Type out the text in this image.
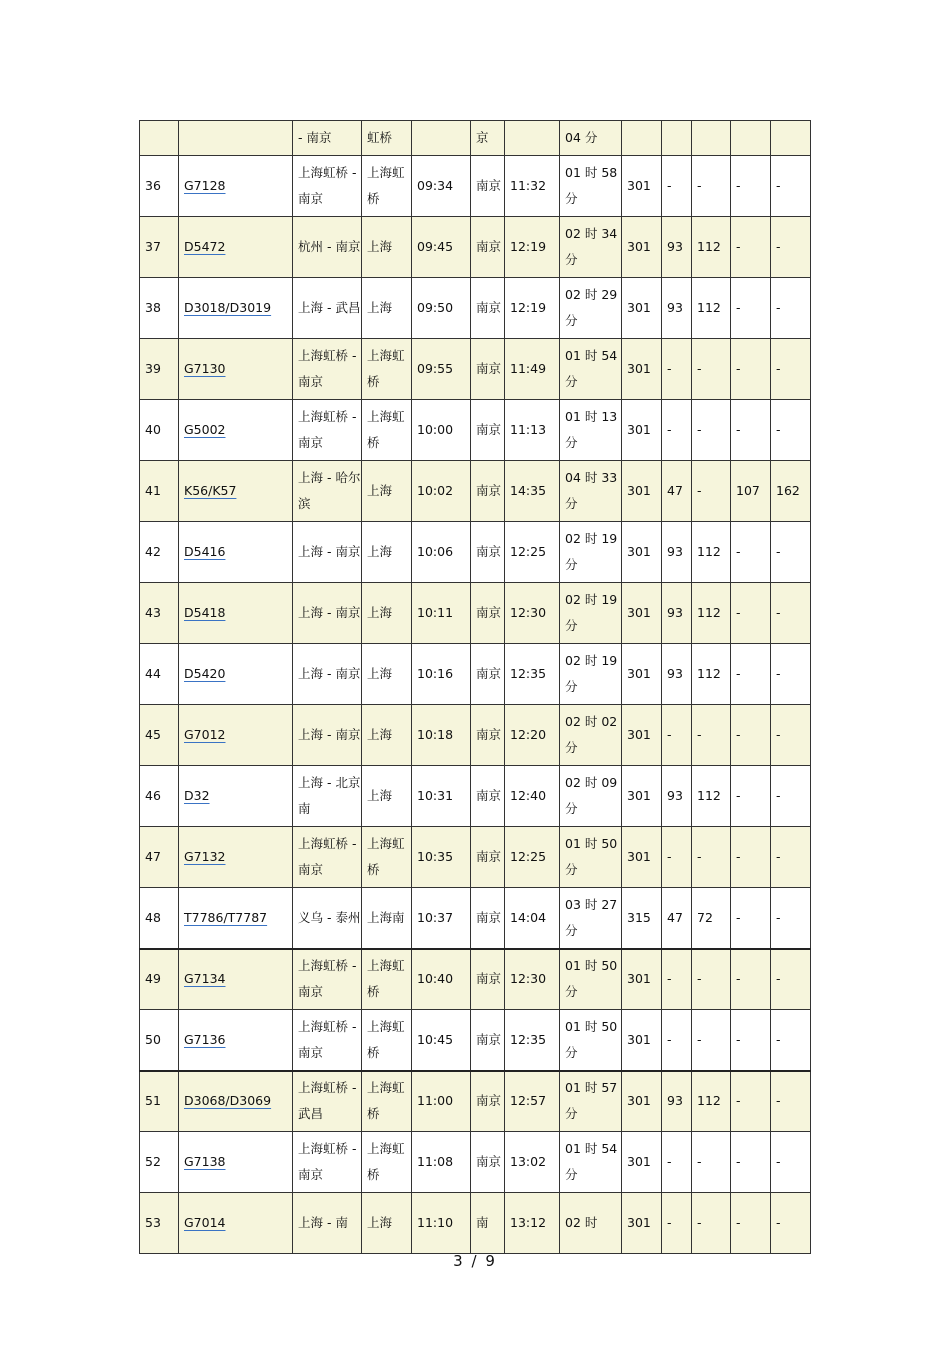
		- 南京	虹桥		京		04 分					
36	G7128	上海虹桥 - 南京	上海虹桥	09:34	南京	11:32	01 时 58 分	301	-	-	-	-
37	D5472	杭州 - 南京	上海	09:45	南京	12:19	02 时 34 分	301	93	112	-	-
38	D3018/D3019	上海 - 武昌	上海	09:50	南京	12:19	02 时 29 分	301	93	112	-	-
39	G7130	上海虹桥 - 南京	上海虹桥	09:55	南京	11:49	01 时 54 分	301	-	-	-	-
40	G5002	上海虹桥 - 南京	上海虹桥	10:00	南京	11:13	01 时 13 分	301	-	-	-	-
41	K56/K57	上海 - 哈尔滨	上海	10:02	南京	14:35	04 时 33 分	301	47	-	107	162
42	D5416	上海 - 南京	上海	10:06	南京	12:25	02 时 19 分	301	93	112	-	-
43	D5418	上海 - 南京	上海	10:11	南京	12:30	02 时 19 分	301	93	112	-	-
44	D5420	上海 - 南京	上海	10:16	南京	12:35	02 时 19 分	301	93	112	-	-
45	G7012	上海 - 南京	上海	10:18	南京	12:20	02 时 02 分	301	-	-	-	-
46	D32	上海 - 北京南	上海	10:31	南京	12:40	02 时 09 分	301	93	112	-	-
47	G7132	上海虹桥 - 南京	上海虹桥	10:35	南京	12:25	01 时 50 分	301	-	-	-	-
48	T7786/T7787	义乌 - 泰州	上海南	10:37	南京	14:04	03 时 27 分	315	47	72	-	-
49	G7134	上海虹桥 - 南京	上海虹桥	10:40	南京	12:30	01 时 50 分	301	-	-	-	-
50	G7136	上海虹桥 - 南京	上海虹桥	10:45	南京	12:35	01 时 50 分	301	-	-	-	-
51	D3068/D3069	上海虹桥 - 武昌	上海虹桥	11:00	南京	12:57	01 时 57 分	301	93	112	-	-
52	G7138	上海虹桥 - 南京	上海虹桥	11:08	南京	13:02	01 时 54 分	301	-	-	-	-
53	G7014	上海 - 南	上海	11:10	南	13:12	02 时	301	-	-	-	-
3 / 9
